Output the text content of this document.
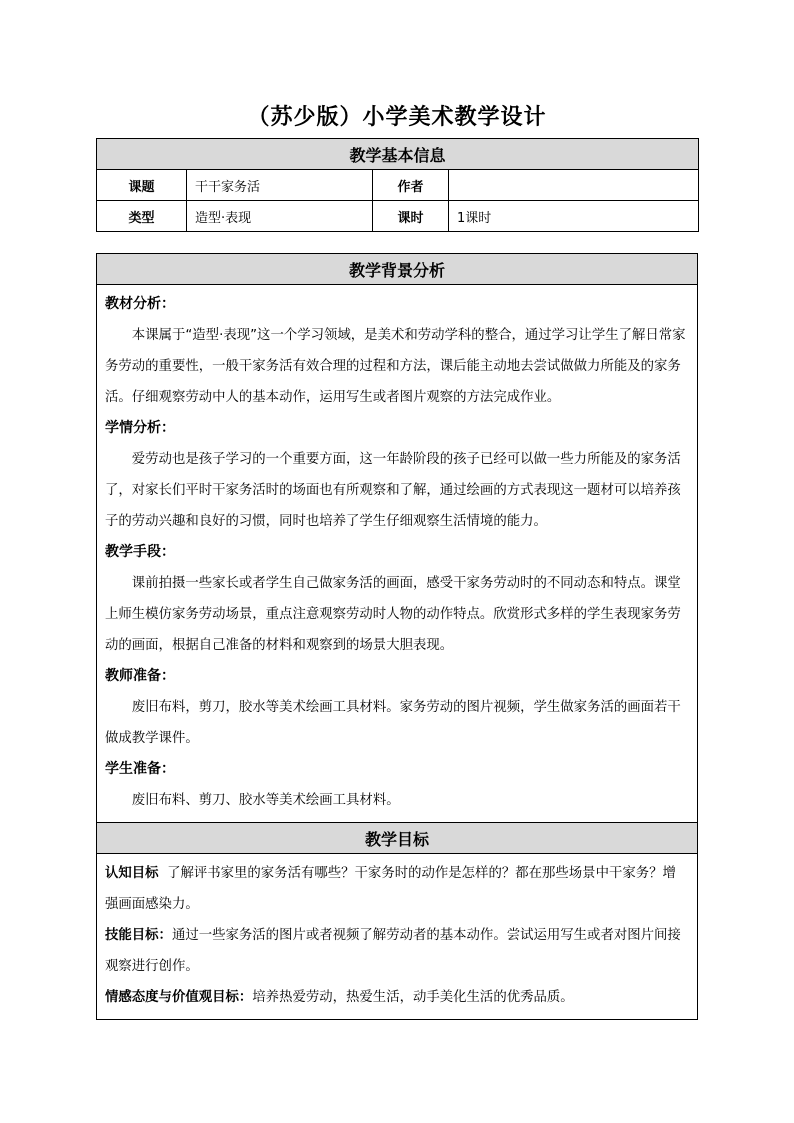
（苏少版）小学美术教学设计
教学基本信息			
课题	干干家务活	作者	
类型	造型·表现	课时	1课时
教学背景分析

教材分析：
本课属于“造型·表现”这一个学习领域，是美术和劳动学科的整合，通过学习让学生了解日常家务劳动的重要性，一般干家务活有效合理的过程和方法，课后能主动地去尝试做做力所能及的家务活。仔细观察劳动中人的基本动作，运用写生或者图片观察的方法完成作业。
学情分析：
爱劳动也是孩子学习的一个重要方面，这一年龄阶段的孩子已经可以做一些力所能及的家务活了，对家长们平时干家务活时的场面也有所观察和了解，通过绘画的方式表现这一题材可以培养孩子的劳动兴趣和良好的习惯，同时也培养了学生仔细观察生活情境的能力。
教学手段：
课前拍摄一些家长或者学生自己做家务活的画面，感受干家务劳动时的不同动态和特点。课堂上师生模仿家务劳动场景，重点注意观察劳动时人物的动作特点。欣赏形式多样的学生表现家务劳动的画面，根据自己准备的材料和观察到的场景大胆表现。
教师准备：
废旧布料，剪刀，胶水等美术绘画工具材料。家务劳动的图片视频，学生做家务活的画面若干做成教学课件。
学生准备：
废旧布料、剪刀、胶水等美术绘画工具材料。

教学目标

认知目标 了解评书家里的家务活有哪些？干家务时的动作是怎样的？都在那些场景中干家务？增强画面感染力。
技能目标：通过一些家务活的图片或者视频了解劳动者的基本动作。尝试运用写生或者对图片间接观察进行创作。
情感态度与价值观目标：培养热爱劳动，热爱生活，动手美化生活的优秀品质。
